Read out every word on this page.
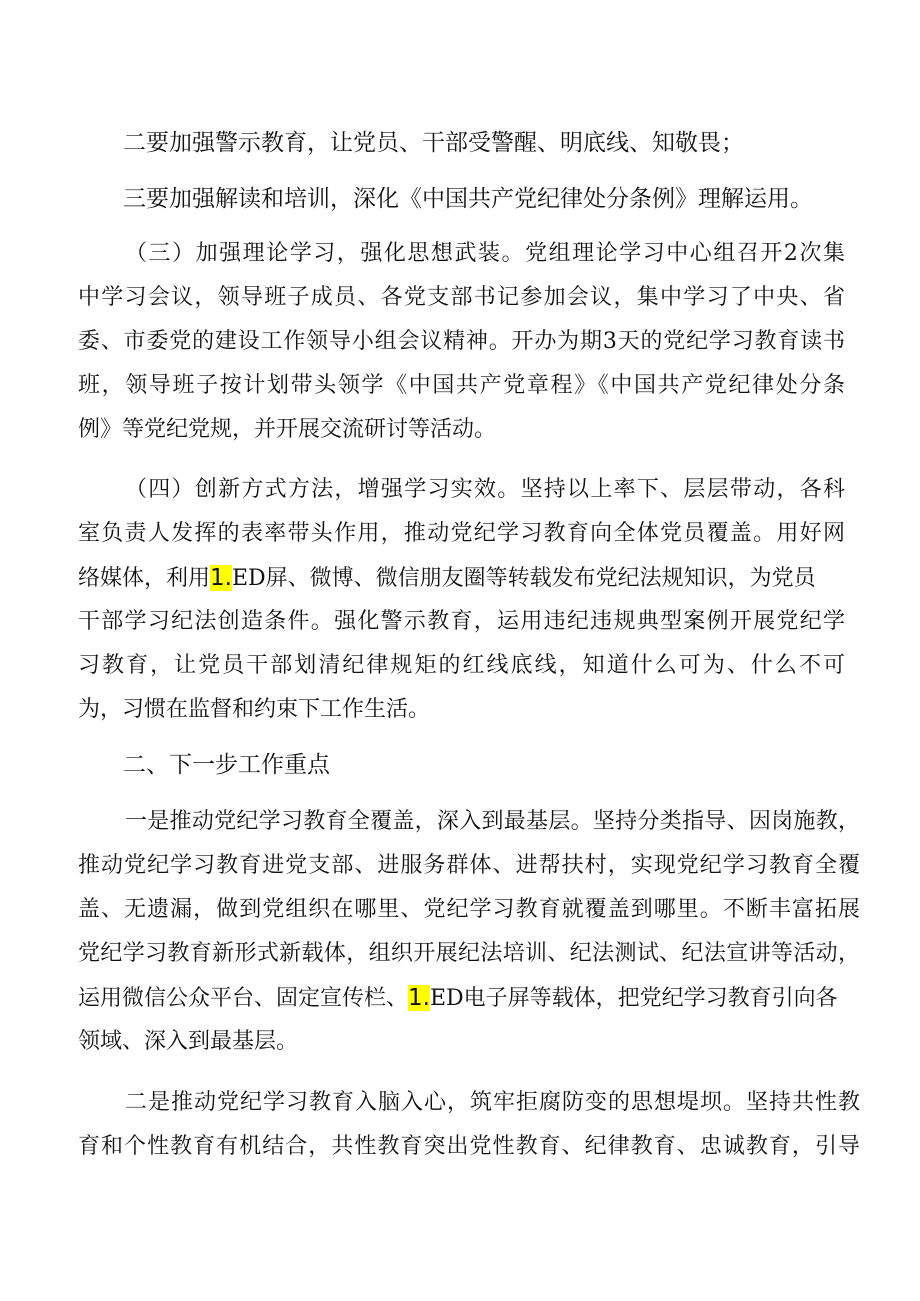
二要加强警示教育，让党员、干部受警醒、明底线、知敬畏；
三要加强解读和培训，深化《中国共产党纪律处分条例》理解运用。
（三）加强理论学习，强化思想武装。党组理论学习中心组召开2次集
中学习会议，领导班子成员、各党支部书记参加会议，集中学习了中央、省
委、市委党的建设工作领导小组会议精神。开办为期3天的党纪学习教育读书
班，领导班子按计划带头领学《中国共产党章程》《中国共产党纪律处分条
例》等党纪党规，并开展交流研讨等活动。
（四）创新方式方法，增强学习实效。坚持以上率下、层层带动，各科
室负责人发挥的表率带头作用，推动党纪学习教育向全体党员覆盖。用好网
络媒体，利用1.ED屏、微博、微信朋友圈等转载发布党纪法规知识，为党员
干部学习纪法创造条件。强化警示教育，运用违纪违规典型案例开展党纪学
习教育，让党员干部划清纪律规矩的红线底线，知道什么可为、什么不可
为，习惯在监督和约束下工作生活。
二、下一步工作重点
一是推动党纪学习教育全覆盖，深入到最基层。坚持分类指导、因岗施教，
推动党纪学习教育进党支部、进服务群体、进帮扶村，实现党纪学习教育全覆
盖、无遗漏，做到党组织在哪里、党纪学习教育就覆盖到哪里。不断丰富拓展
党纪学习教育新形式新载体，组织开展纪法培训、纪法测试、纪法宣讲等活动，
运用微信公众平台、固定宣传栏、1.ED电子屏等载体，把党纪学习教育引向各
领域、深入到最基层。
二是推动党纪学习教育入脑入心，筑牢拒腐防变的思想堤坝。坚持共性教
育和个性教育有机结合，共性教育突出党性教育、纪律教育、忠诚教育，引导
